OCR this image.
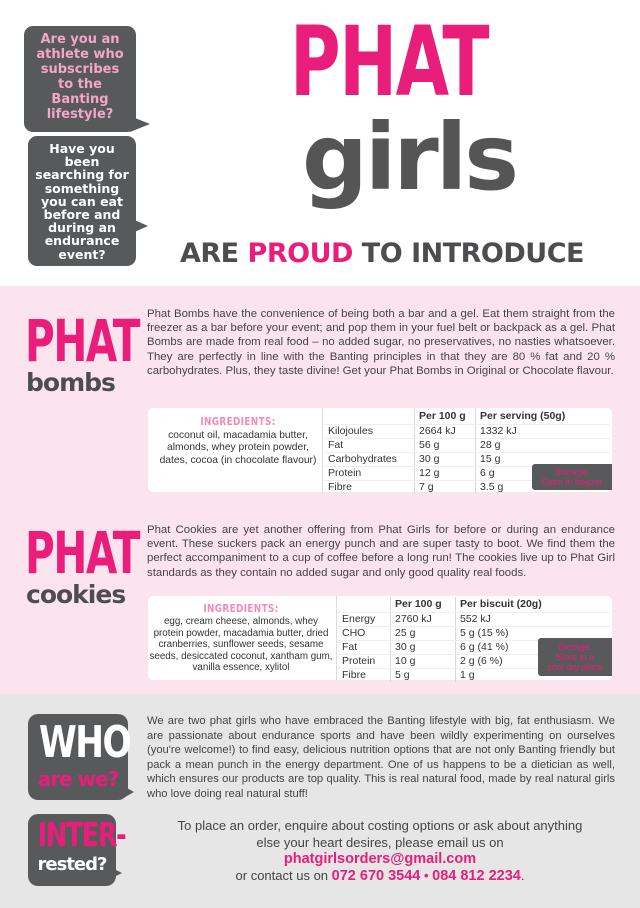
Are you an
athlete who
subscribes
to the
Banting
lifestyle?
Have you
been
searching for
something
you can eat
before and
during an
endurance
event?
PHAT
girls
ARE PROUD TO INTRODUCE
PHAT
bombs
Phat Bombs have the convenience of being both a bar and a gel. Eat them straight from the freezer as a bar before your event; and pop them in your fuel belt or backpack as a gel. Phat Bombs are made from real food – no added sugar, no preservatives, no nasties whatsoever. They are perfectly in line with the Banting principles in that they are 80 % fat and 20 % carbohydrates. Plus, they taste divine! Get your Phat Bombs in Original or Chocolate flavour.
INGREDIENTS:
coconut oil, macadamia butter, almonds, whey protein powder, dates, cocoa (in chocolate flavour)
	Per 100 g	Per serving (50g)
Kilojoules	2664 kJ	1332 kJ
Fat	56 g	28 g
Carbohydrates	30 g	15 g
Protein	12 g	6 g
Fibre	7 g	3.5 g
Storage:
Store in freezer
PHAT
cookies
Phat Cookies are yet another offering from Phat Girls for before or during an endurance event. These suckers pack an energy punch and are super tasty to boot. We find them the perfect accompaniment to a cup of coffee before a long run! The cookies live up to Phat Girl standards as they contain no added sugar and only good quality real foods.
INGREDIENTS:
egg, cream cheese, almonds, whey protein powder, macadamia butter, dried cranberries, sunflower seeds, sesame seeds, desiccated coconut, xantham gum, vanilla essence, xylitol
	Per 100 g	Per biscuit (20g)
Energy	2760 kJ	552 kJ
CHO	25 g	5 g (15 %)
Fat	30 g	6 g (41 %)
Protein	10 g	2 g (6 %)
Fibre	5 g	1 g
Storage:
Store in a
cool dry place
WHO
are we?
We are two phat girls who have embraced the Banting lifestyle with big, fat enthusiasm. We are passionate about endurance sports and have been wildly experimenting on ourselves (you're welcome!) to find easy, delicious nutrition options that are not only Banting friendly but pack a mean punch in the energy department. One of us happens to be a dietician as well, which ensures our products are top quality. This is real natural food, made by real natural girls who love doing real natural stuff!
INTER-
rested?
To place an order, enquire about costing options or ask about anything
else your heart desires, please email us on
phatgirlsorders@gmail.com
or contact us on 072 670 3544 • 084 812 2234.
